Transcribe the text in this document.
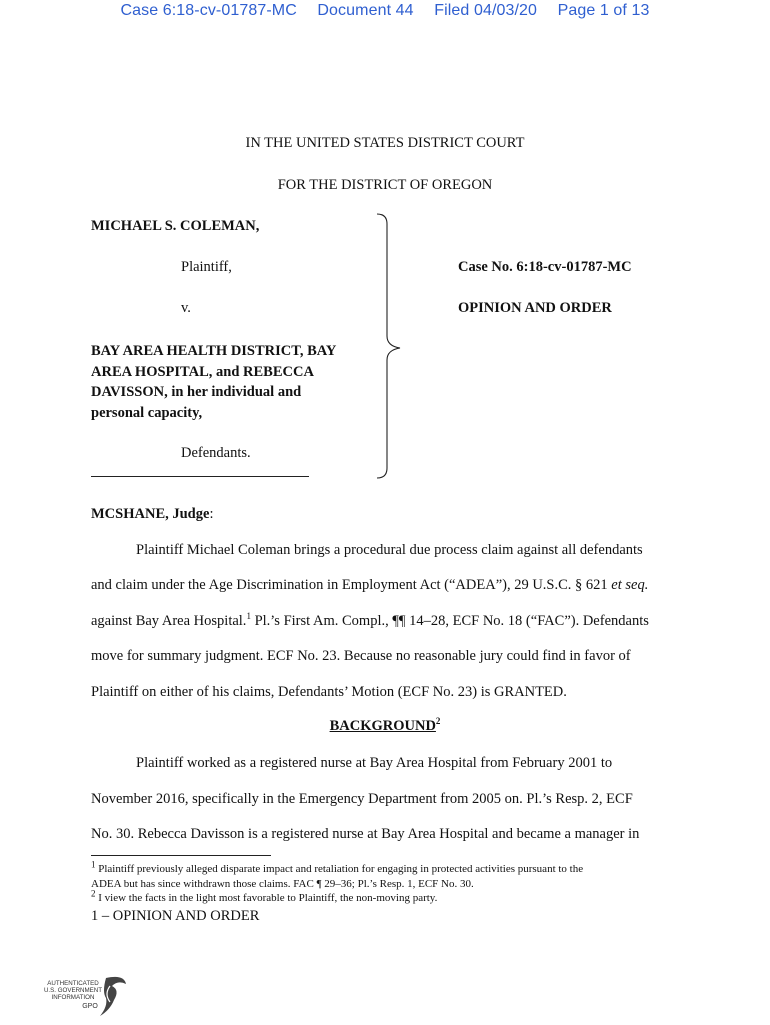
Case 6:18-cv-01787-MC Document 44 Filed 04/03/20 Page 1 of 13
IN THE UNITED STATES DISTRICT COURT
FOR THE DISTRICT OF OREGON
MICHAEL S. COLEMAN,
Plaintiff,
v.
BAY AREA HEALTH DISTRICT, BAY
AREA HOSPITAL, and REBECCA
DAVISSON, in her individual and
personal capacity,
Defendants.
Case No. 6:18-cv-01787-MC
OPINION AND ORDER
MCSHANE, Judge:
Plaintiff Michael Coleman brings a procedural due process claim against all defendants
and claim under the Age Discrimination in Employment Act (“ADEA”), 29 U.S.C. § 621 et seq.
against Bay Area Hospital.$^1$ Pl.’s First Am. Compl., ¶¶ 14–28, ECF No. 18 (“FAC”). Defendants
move for summary judgment. ECF No. 23. Because no reasonable jury could find in favor of
Plaintiff on either of his claims, Defendants’ Motion (ECF No. 23) is GRANTED.
BACKGROUND$^2$
Plaintiff worked as a registered nurse at Bay Area Hospital from February 2001 to
November 2016, specifically in the Emergency Department from 2005 on. Pl.’s Resp. 2, ECF
No. 30. Rebecca Davisson is a registered nurse at Bay Area Hospital and became a manager in
$^1$ Plaintiff previously alleged disparate impact and retaliation for engaging in protected activities pursuant to the
ADEA but has since withdrawn those claims. FAC ¶ 29–36; Pl.’s Resp. 1, ECF No. 30.
$^2$ I view the facts in the light most favorable to Plaintiff, the non-moving party.
1 – OPINION AND ORDER
AUTHENTICATED
U.S. GOVERNMENT
INFORMATION
GPO
